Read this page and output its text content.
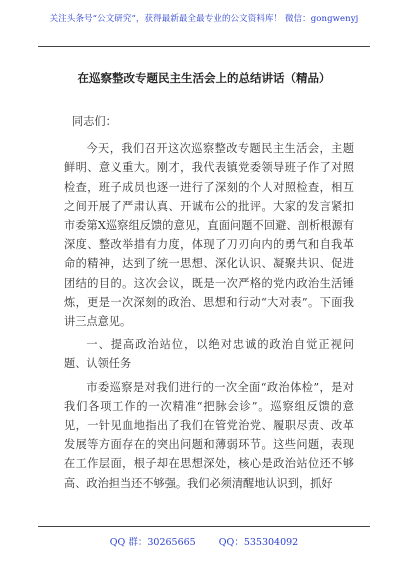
关注头条号“公文研究”，获得最新最全最专业的公文资料库！ 微信：gongwenyj
在巡察整改专题民主生活会上的总结讲话（精品）

同志们：

今天，我们召开这次巡察整改专题民主生活会，主题鲜明、意义重大。刚才，我代表镇党委领导班子作了对照检查，班子成员也逐一进行了深刻的个人对照检查，相互之间开展了严肃认真、开诚布公的批评。大家的发言紧扣市委第X巡察组反馈的意见，直面问题不回避、剖析根源有深度、整改举措有力度，体现了刀刃向内的勇气和自我革命的精神，达到了统一思想、深化认识、凝聚共识、促进团结的目的。这次会议，既是一次严格的党内政治生活锤炼，更是一次深刻的政治、思想和行动“大对表”。下面我讲三点意见。

一、提高政治站位，以绝对忠诚的政治自觉正视问题、认领任务

市委巡察是对我们进行的一次全面“政治体检”，是对我们各项工作的一次精准“把脉会诊”。巡察组反馈的意见，一针见血地指出了我们在管党治党、履职尽责、改革发展等方面存在的突出问题和薄弱环节。这些问题，表现在工作层面，根子却在思想深处，核心是政治站位还不够高、政治担当还不够强。我们必须清醒地认识到，抓好

QQ 群：30265665 QQ：535304092
